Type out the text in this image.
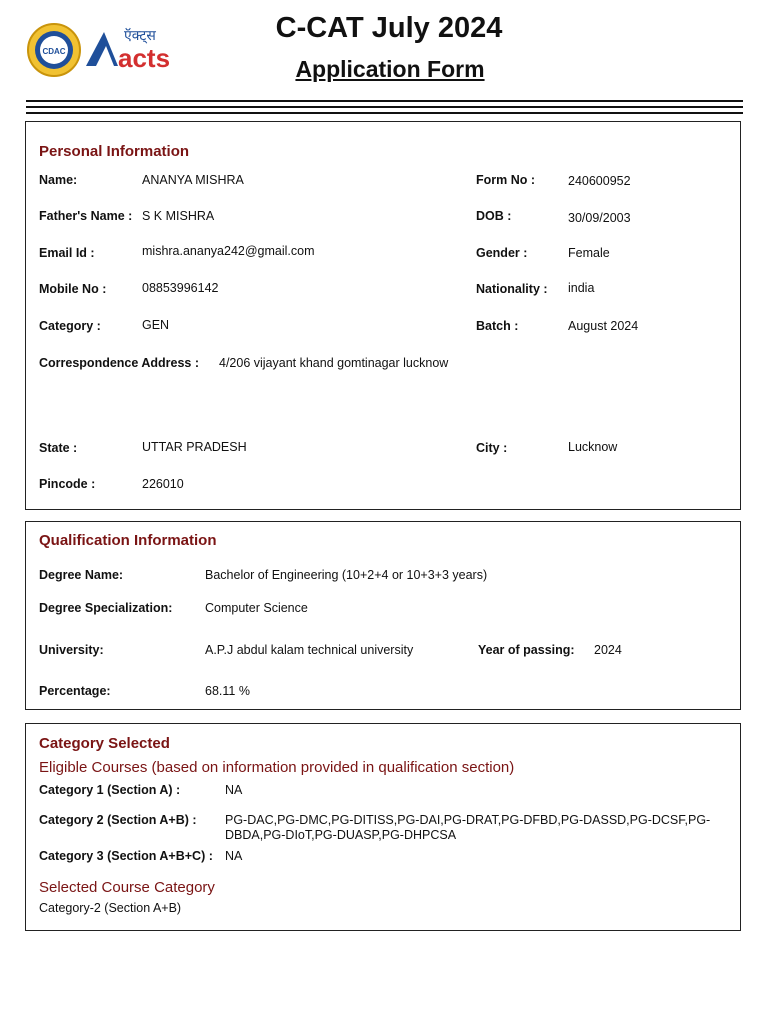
CDAC
ऍक्ट्स
acts
C-CAT July 2024
Application Form
Personal Information
Name:	ANANYA MISHRA	Form No :	240600952
Father's Name : S K MISHRA	DOB :	30/09/2003
Email Id :	mishra.ananya242@gmail.com	Gender :	Female
Mobile No :	08853996142	Nationality : india
Category :	GEN	Batch :	August 2024
Correspondence Address : 4/206 vijayant khand gomtinagar lucknow
State :	UTTAR PRADESH	City :	Lucknow
Pincode :	226010
Qualification Information
Degree Name:	Bachelor of Engineering (10+2+4 or 10+3+3 years)
Degree Specialization:	Computer Science
University:	A.P.J abdul kalam technical university	Year of passing: 2024
Percentage:	68.11 %
Category Selected
Eligible Courses (based on information provided in qualification section)
Category 1 (Section A) :	NA
Category 2 (Section A+B) : PG-DAC,PG-DMC,PG-DITISS,PG-DAI,PG-DRAT,PG-DFBD,PG-DASSD,PG-DCSF,PG-DBDA,PG-DIoT,PG-DUASP,PG-DHPCSA
Category 3 (Section A+B+C) : NA
Selected Course Category
Category-2 (Section A+B)
